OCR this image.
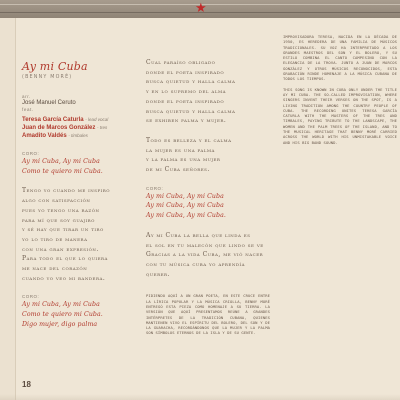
★
Ay mi Cuba
(BENNY MORÉ)
arr.
José Manuel Ceruto
feat.
Teresa García Caturla - lead vocal
Juan de Marcos González - tres
Amadito Valdés - timbales
CORO:
Ay mi Cuba, Ay mi Cuba
Como te quiero mi Cuba.
Tengo yo cuando me inspiro
algo con satisfacción
pues yo tengo una razón
para mí que soy guajiro
y sé hay que tirar un tiro
yo lo tiro de manera
con una gran expresión.
Para todo el que lo quiera
me nace del corazón
cuando yo veo mi bandera.
CORO:
Ay mi Cuba, Ay mi Cuba
Como te quiero mi Cuba.
Digo mujer, digo palma
Cual paraíso obligado
donde el poeta inspirado
busca quietud y halla calma
y en lo supremo del alma
donde el poeta inspirado
busca quietud y halla calma
se exhiben palma y mujer.
Todo es belleza y el calma
la mujer es una palma
y la palma es una mujer
de mi Cuba señores.
CORO:
Ay mi Cuba, Ay mi Cuba
Ay mi Cuba, Ay mi Cuba
Ay mi Cuba, Ay mi Cuba.
Ay mi Cuba la bella que linda es
el sol en tu malecón que lindo se ve
Gracias a la vida Cuba, me vió nacer
con tu música cuba yo aprendía querer.
PIDIENDO AQUÍ A UN GRAN POETA, EN ESTE CRUCE ENTRE LA LÍRICA POPULAR Y LA MÚSICA CRIOLLA, BENNY MORÉ ENTREGÓ ESTA PIEZA COMO HOMENAJE A SU TIERRA. LA VERSIÓN QUE AQUÍ PRESENTAMOS REÚNE A GRANDES INTÉRPRETES DE LA TRADICIÓN CUBANA, QUIENES MANTIENEN VIVO EL ESPÍRITU DEL BOLERO, DEL SON Y DE LA GUARACHA, RECORDÁNDONOS QUE LA MUJER Y LA PALMA SON SÍMBOLOS ETERNOS DE LA ISLA Y DE SU GENTE.
IMPROVISADORA TERESA, NACIDA EN LA DÉCADA DE 1950, ES HEREDERA DE UNA FAMILIA DE MÚSICOS TRADICIONALES. SU VOZ HA INTERPRETADO A LOS GRANDES MAESTROS DEL SON Y EL BOLERO, Y SU ESTILO COMBINA EL CANTO CAMPESINO CON LA ELEGANCIA DE LA TROVA. JUNTO A JUAN DE MARCOS GONZÁLEZ Y OTROS MÚSICOS RECONOCIDOS, ESTA GRABACIÓN RINDE HOMENAJE A LA MÚSICA CUBANA DE TODOS LOS TIEMPOS.
THIS SONG IS KNOWN IN CUBA ONLY UNDER THE TITLE AY MI CUBA. THE SO-CALLED IMPROVISATION, WHERE SINGERS INVENT THEIR VERSES ON THE SPOT, IS A LIVING TRADITION AMONG THE COUNTRY PEOPLE OF CUBA. THE RECORDING UNITES TERESA GARCÍA CATURLA WITH THE MASTERS OF THE TRES AND TIMBALES, PAYING TRIBUTE TO THE LANDSCAPE, THE WOMEN AND THE PALM TREES OF THE ISLAND, AND TO THE MUSICAL HERITAGE THAT BENNY MORÉ CARRIED ACROSS THE WORLD WITH HIS UNMISTAKABLE VOICE AND HIS BIG BAND SOUND.
18
